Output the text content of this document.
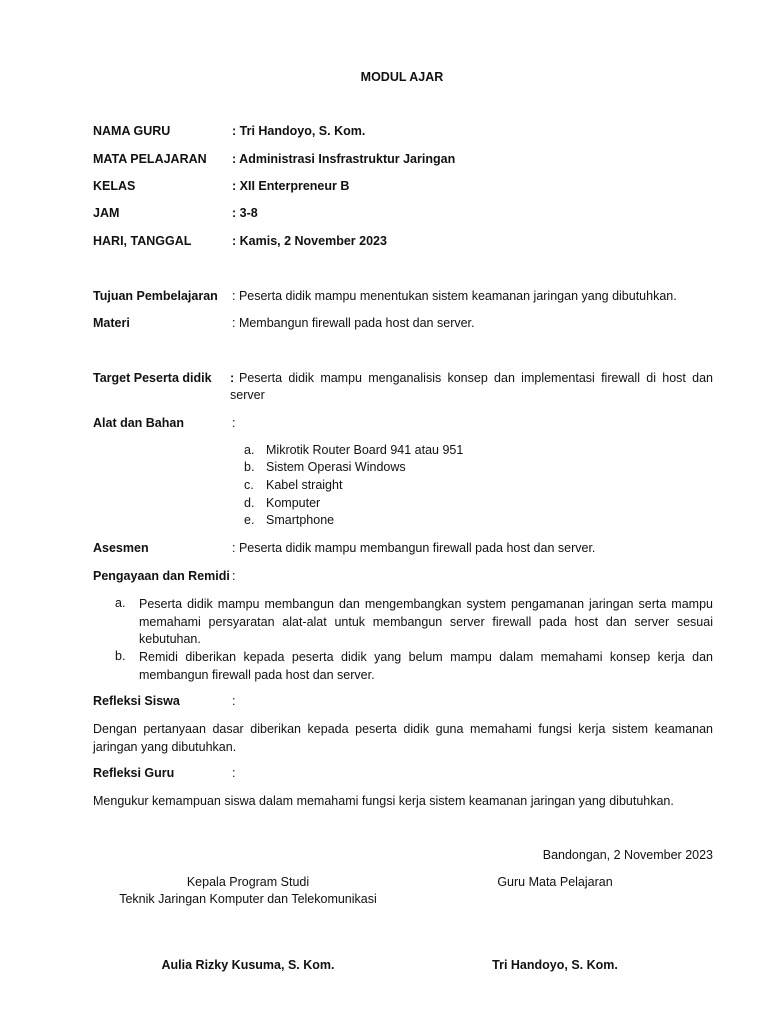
MODUL AJAR
NAMA GURU	: Tri Handoyo, S. Kom.
MATA PELAJARAN : Administrasi Insfrastruktur Jaringan
KELAS	: XII Enterpreneur B
JAM	: 3-8
HARI, TANGGAL	: Kamis, 2 November 2023
Tujuan Pembelajaran : Peserta didik mampu menentukan sistem keamanan jaringan yang dibutuhkan.
Materi	: Membangun firewall pada host dan server.
Target Peserta didik : Peserta didik mampu menganalisis konsep dan implementasi firewall di host dan
server
Alat dan Bahan	:
a. Mikrotik Router Board 941 atau 951
b. Sistem Operasi Windows
c. Kabel straight
d. Komputer
e. Smartphone
Asesmen	: Peserta didik mampu membangun firewall pada host dan server.
Pengayaan dan Remidi :
a. Peserta didik mampu membangun dan mengembangkan system pengamanan jaringan serta mampu memahami persyaratan alat-alat untuk membangun server firewall pada host dan server sesuai kebutuhan.
b. Remidi diberikan kepada peserta didik yang belum mampu dalam memahami konsep kerja dan membangun firewall pada host dan server.
Refleksi Siswa	:
Dengan pertanyaan dasar diberikan kepada peserta didik guna memahami fungsi kerja sistem keamanan jaringan yang dibutuhkan.
Refleksi Guru	:
Mengukur kemampuan siswa dalam memahami fungsi kerja sistem keamanan jaringan yang dibutuhkan.
Bandongan, 2 November 2023
Kepala Program Studi
Teknik Jaringan Komputer dan Telekomunikasi
Guru Mata Pelajaran
Aulia Rizky Kusuma, S. Kom.	Tri Handoyo, S. Kom.
